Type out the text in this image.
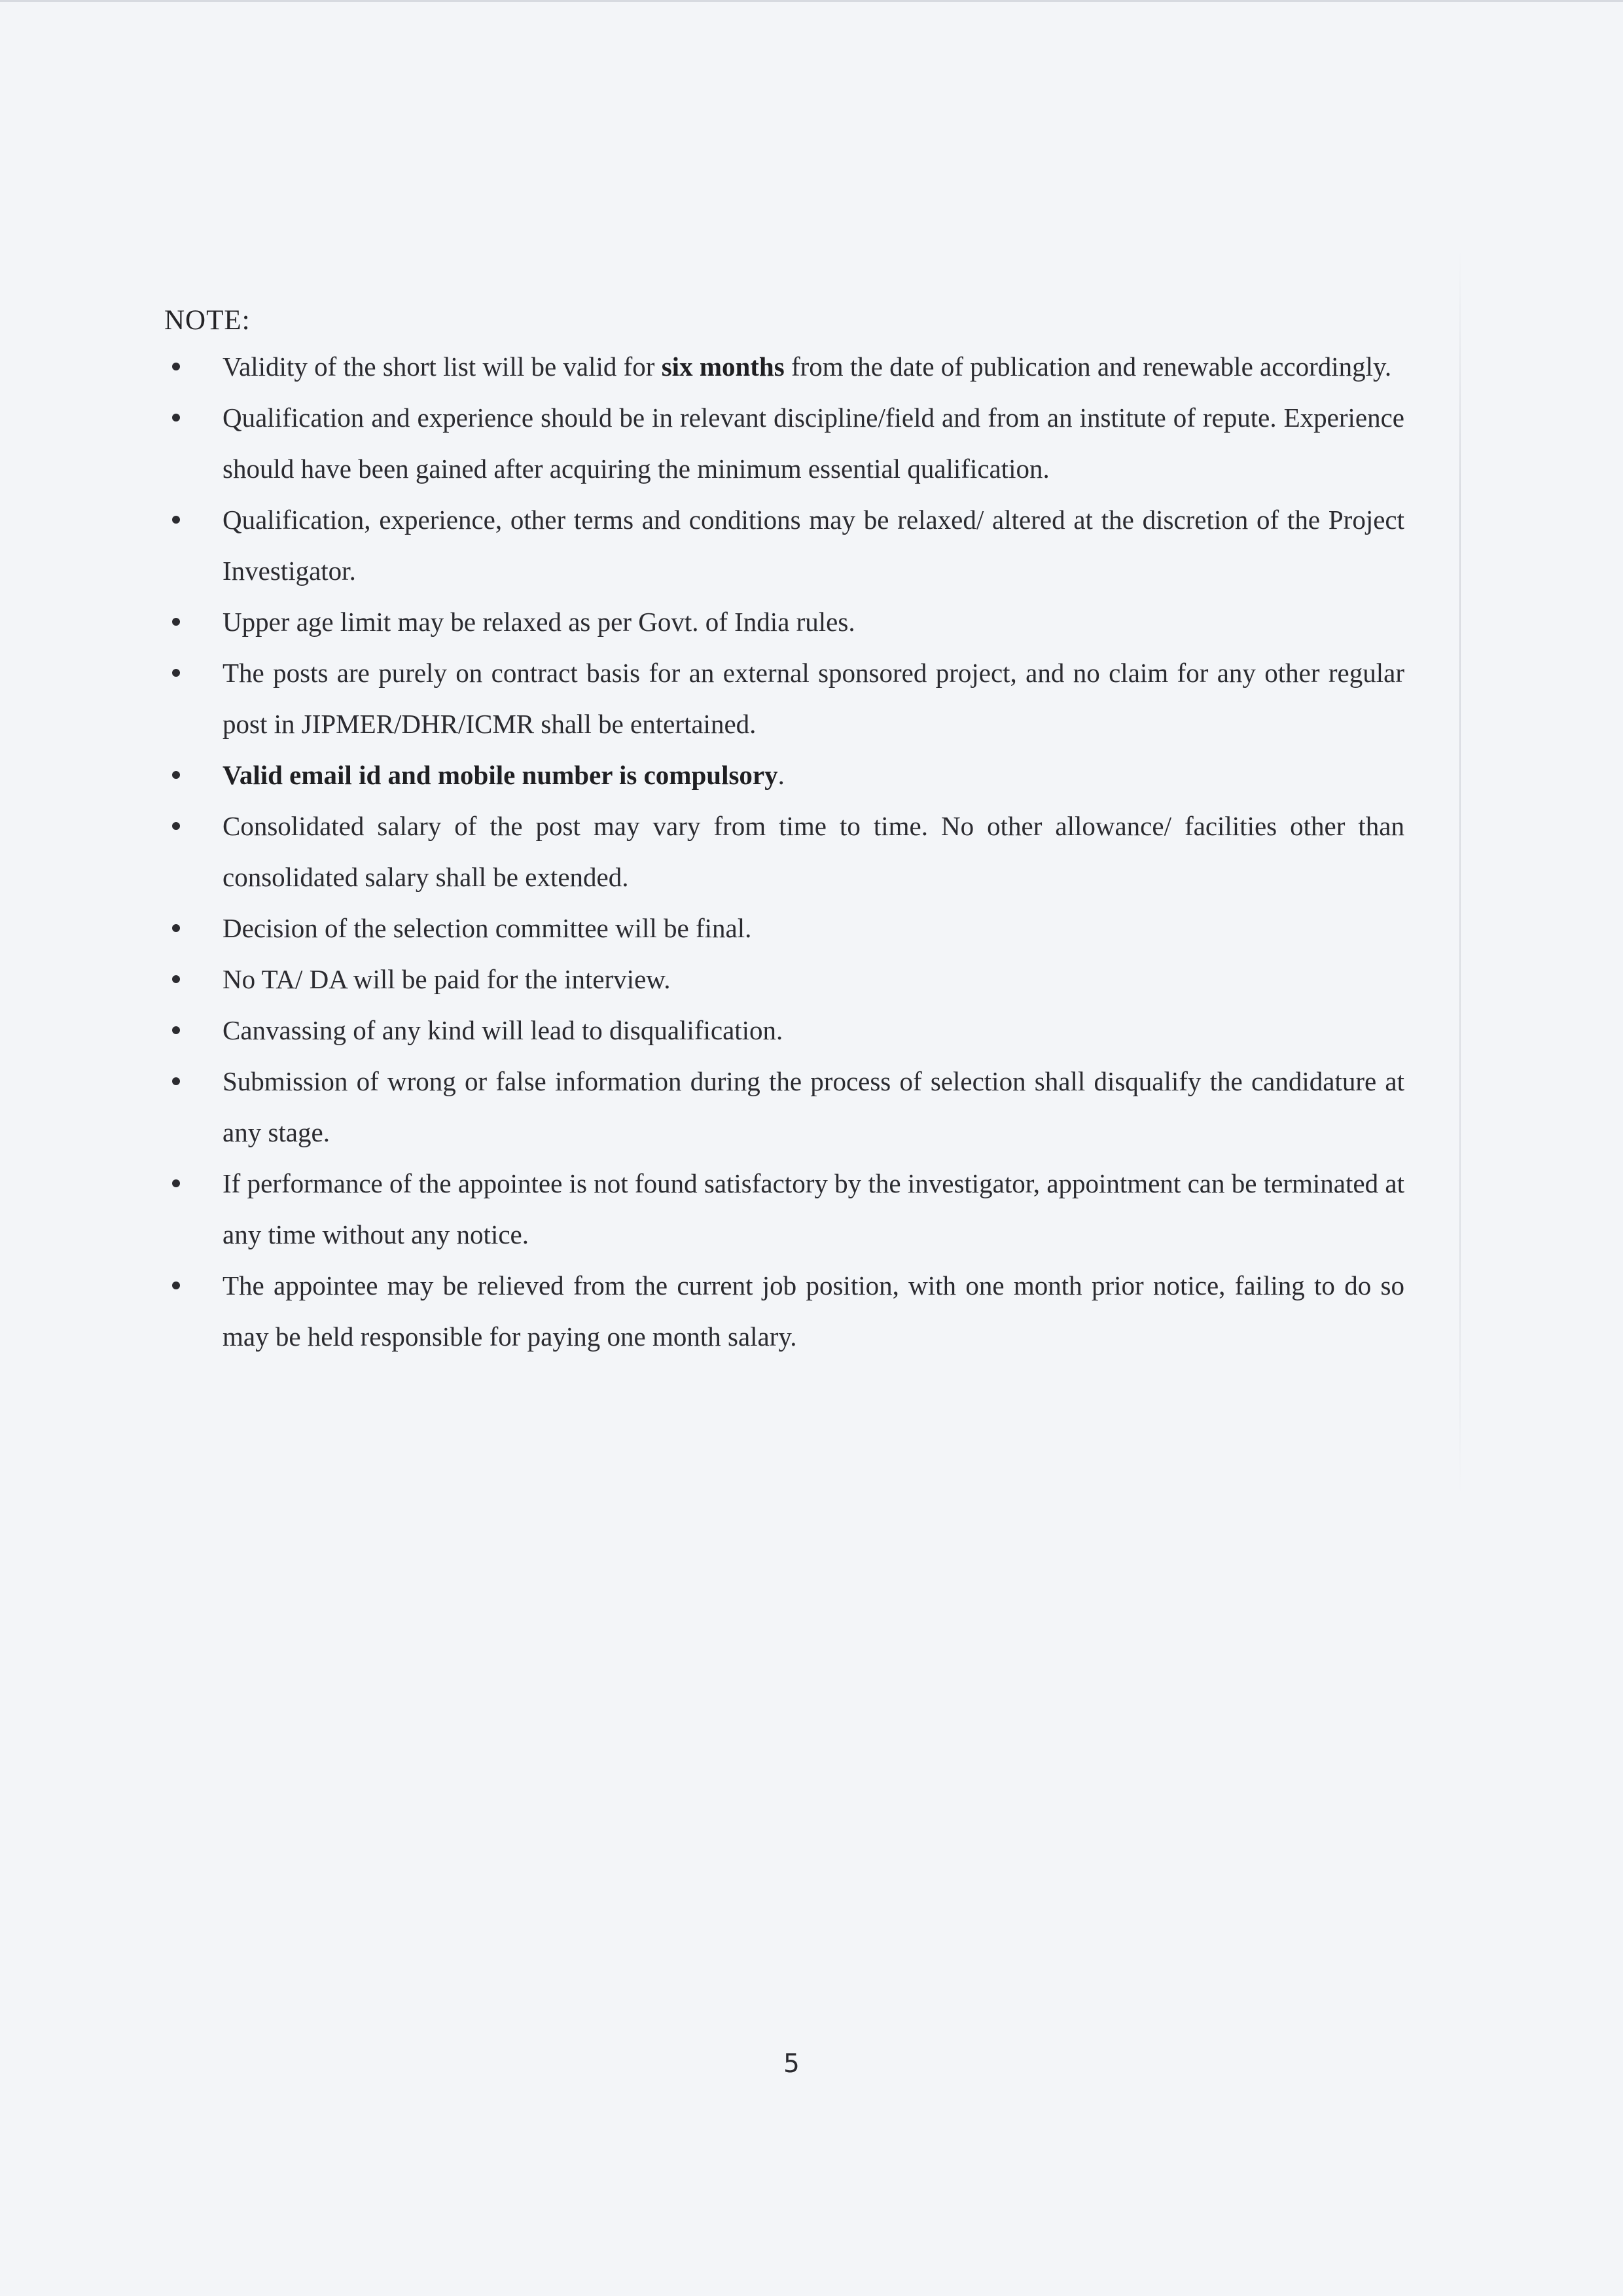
NOTE:
Validity of the short list will be valid for six months from the date of publication and renewable accordingly.
Qualification and experience should be in relevant discipline/field and from an institute of repute. Experience should have been gained after acquiring the minimum essential qualification.
Qualification, experience, other terms and conditions may be relaxed/ altered at the discretion of the Project Investigator.
Upper age limit may be relaxed as per Govt. of India rules.
The posts are purely on contract basis for an external sponsored project, and no claim for any other regular post in JIPMER/DHR/ICMR shall be entertained.
Valid email id and mobile number is compulsory.
Consolidated salary of the post may vary from time to time. No other allowance/ facilities other than consolidated salary shall be extended.
Decision of the selection committee will be final.
No TA/ DA will be paid for the interview.
Canvassing of any kind will lead to disqualification.
Submission of wrong or false information during the process of selection shall disqualify the candidature at any stage.
If performance of the appointee is not found satisfactory by the investigator, appointment can be terminated at any time without any notice.
The appointee may be relieved from the current job position, with one month prior notice, failing to do so may be held responsible for paying one month salary.
5
